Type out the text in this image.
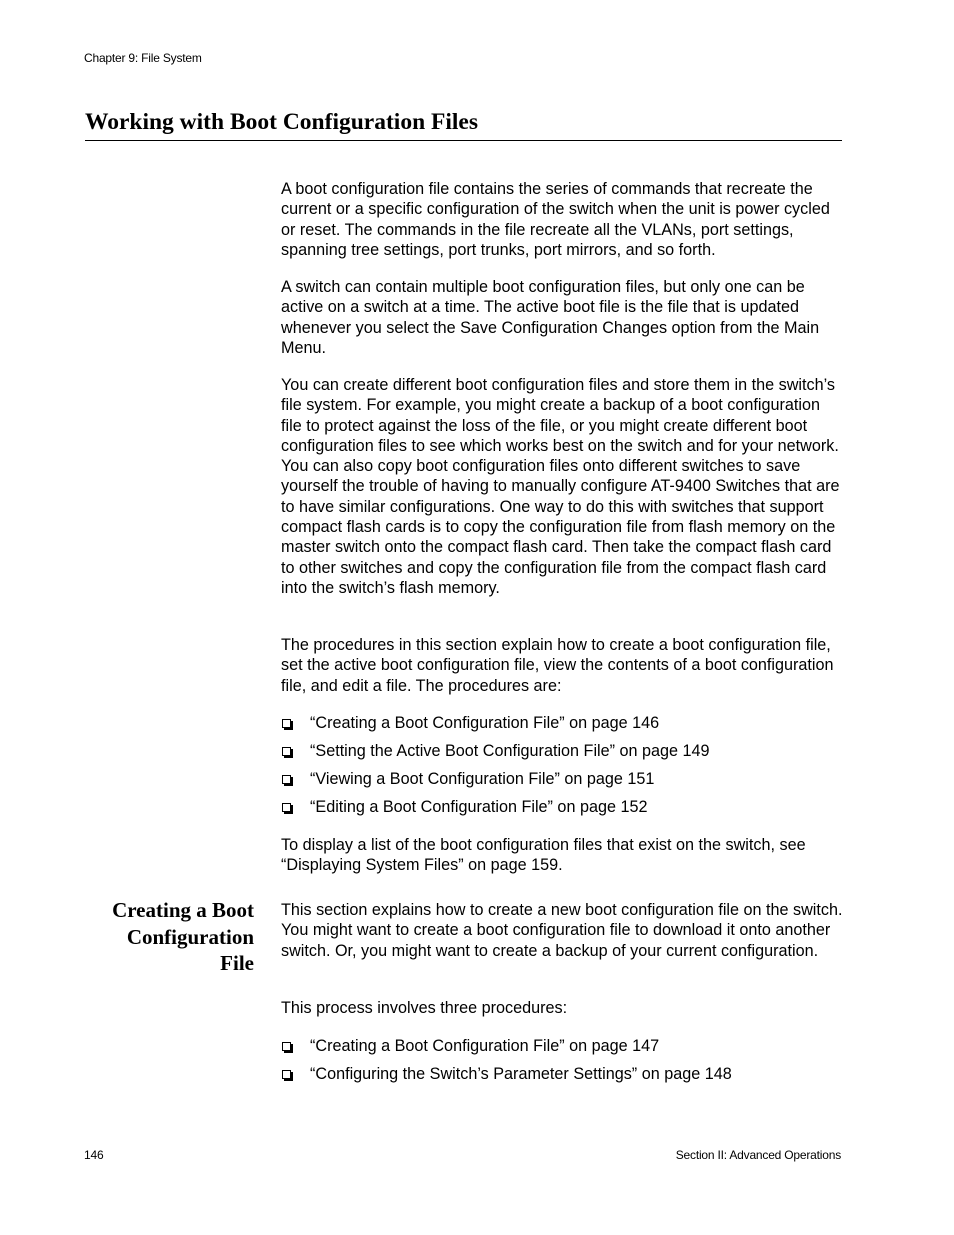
Chapter 9: File System
Working with Boot Configuration Files

A boot configuration file contains the series of commands that recreate the current or a specific configuration of the switch when the unit is power cycled or reset. The commands in the file recreate all the VLANs, port settings, spanning tree settings, port trunks, port mirrors, and so forth.

A switch can contain multiple boot configuration files, but only one can be active on a switch at a time. The active boot file is the file that is updated whenever you select the Save Configuration Changes option from the Main Menu.

You can create different boot configuration files and store them in the switch’s file system. For example, you might create a backup of a boot configuration file to protect against the loss of the file, or you might create different boot configuration files to see which works best on the switch and for your network. You can also copy boot configuration files onto different switches to save yourself the trouble of having to manually configure AT-9400 Switches that are to have similar configurations. One way to do this with switches that support compact flash cards is to copy the configuration file from flash memory on the master switch onto the compact flash card. Then take the compact flash card to other switches and copy the configuration file from the compact flash card into the switch’s flash memory.

The procedures in this section explain how to create a boot configuration file, set the active boot configuration file, view the contents of a boot configuration file, and edit a file. The procedures are:

“Creating a Boot Configuration File” on page 146
“Setting the Active Boot Configuration File” on page 149
“Viewing a Boot Configuration File” on page 151
“Editing a Boot Configuration File” on page 152

To display a list of the boot configuration files that exist on the switch, see “Displaying System Files” on page 159.

Creating a Boot
Configuration
File

This section explains how to create a new boot configuration file on the switch. You might want to create a boot configuration file to download it onto another switch. Or, you might want to create a backup of your current configuration.

This process involves three procedures:

“Creating a Boot Configuration File” on page 147
“Configuring the Switch’s Parameter Settings” on page 148
146	Section II: Advanced Operations
